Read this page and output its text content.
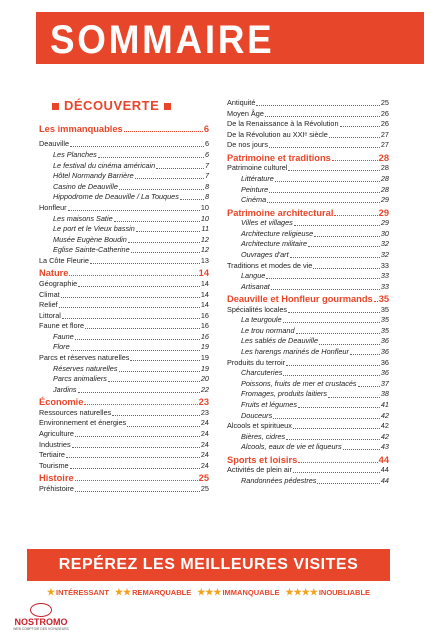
SOMMAIRE
DÉCOUVERTE
Les immanquables	6
Deauville	6
Les Planches	6
Le festival du cinéma américain	7
Hôtel Normandy Barrière	7
Casino de Deauville	8
Hippodrome de Deauville / La Touques	8
Honfleur	10
Les maisons Satie	10
Le port et le Vieux bassin	11
Musée Eugène Boudin	12
Eglise Sainte-Catherine	12
La Côte Fleurie	13
Nature	14
Géographie	14
Climat	14
Relief	14
Littoral	16
Faune et flore	16
Faune	16
Flore	19
Parcs et réserves naturelles	19
Réserves naturelles	19
Parcs animaliers	20
Jardins	22
Économie	23
Ressources naturelles	23
Environnement et énergies	24
Agriculture	24
Industries	24
Tertiaire	24
Tourisme	24
Histoire	25
Préhistoire	25
Antiquité	25
Moyen Âge	26
De la Renaissance à la Révolution	26
De la Révolution au XXIᵉ siècle	27
De nos jours	27
Patrimoine et traditions	28
Patrimoine culturel	28
Littérature	28
Peinture	28
Cinéma	29
Patrimoine architectural	29
Villes et villages	29
Architecture religieuse	30
Architecture militaire	32
Ouvrages d'art	32
Traditions et modes de vie	33
Langue	33
Artisanat	33
Deauville et Honfleur gourmands 35
Spécialités locales	35
La teurgoule	35
Le trou normand	35
Les sablés de Deauville	36
Les harengs marinés de Honfleur	36
Produits du terroir	36
Charcuteries	36
Poissons, fruits de mer et crustacés	37
Fromages, produits laitiers	38
Fruits et légumes	41
Douceurs	42
Alcools et spiritueux	42
Bières, cidres	42
Alcools, eaux de vie et liqueurs	43
Sports et loisirs	44
Activités de plein air	44
Randonnées pédestres	44
REPÉREZ LES MEILLEURES VISITES
★ INTÉRESSANT ★★ REMARQUABLE ★★★ IMMANQUABLE ★★★★ INOUBLIABLE
NOSTROMO
WEB COMPTOIR DES VOYAGEURS
